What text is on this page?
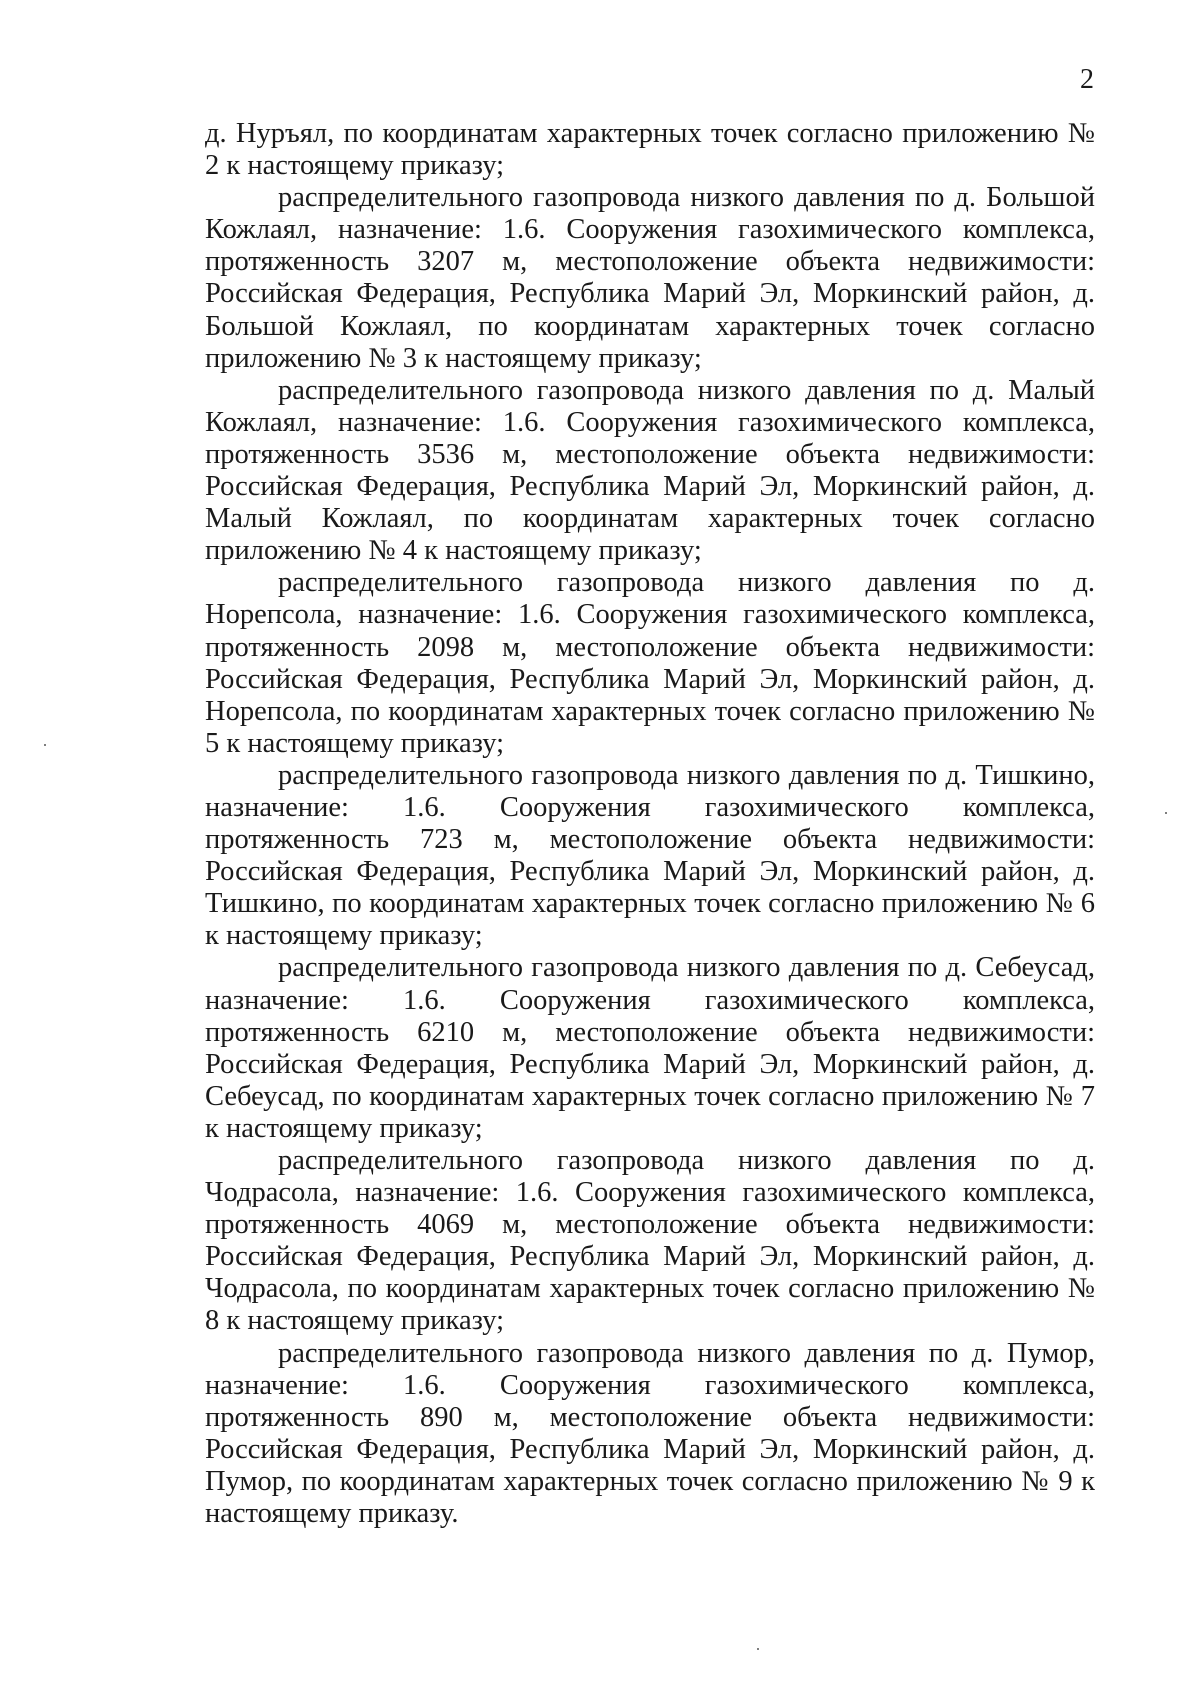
2

д. Нуръял, по координатам характерных точек согласно приложению № 2 к настоящему приказу;

распределительного газопровода низкого давления по д. Большой Кожлаял, назначение: 1.6. Сооружения газохимического комплекса, протяженность 3207 м, местоположение объекта недвижимости: Российская Федерация, Республика Марий Эл, Моркинский район, д. Большой Кожлаял, по координатам характерных точек согласно приложению № 3 к настоящему приказу;

распределительного газопровода низкого давления по д. Малый Кожлаял, назначение: 1.6. Сооружения газохимического комплекса, протяженность 3536 м, местоположение объекта недвижимости: Российская Федерация, Республика Марий Эл, Моркинский район, д. Малый Кожлаял, по координатам характерных точек согласно приложению № 4 к настоящему приказу;

распределительного газопровода низкого давления по д. Норепсола, назначение: 1.6. Сооружения газохимического комплекса, протяженность 2098 м, местоположение объекта недвижимости: Российская Федерация, Республика Марий Эл, Моркинский район, д. Норепсола, по координатам характерных точек согласно приложению № 5 к настоящему приказу;

распределительного газопровода низкого давления по д. Тишкино, назначение: 1.6. Сооружения газохимического комплекса, протяженность 723 м, местоположение объекта недвижимости: Российская Федерация, Республика Марий Эл, Моркинский район, д. Тишкино, по координатам характерных точек согласно приложению № 6 к настоящему приказу;

распределительного газопровода низкого давления по д. Себеусад, назначение: 1.6. Сооружения газохимического комплекса, протяженность 6210 м, местоположение объекта недвижимости: Российская Федерация, Республика Марий Эл, Моркинский район, д. Себеусад, по координатам характерных точек согласно приложению № 7 к настоящему приказу;

распределительного газопровода низкого давления по д. Чодрасола, назначение: 1.6. Сооружения газохимического комплекса, протяженность 4069 м, местоположение объекта недвижимости: Российская Федерация, Республика Марий Эл, Моркинский район, д. Чодрасола, по координатам характерных точек согласно приложению № 8 к настоящему приказу;

распределительного газопровода низкого давления по д. Пумор, назначение: 1.6. Сооружения газохимического комплекса, протяженность 890 м, местоположение объекта недвижимости: Российская Федерация, Республика Марий Эл, Моркинский район, д. Пумор, по координатам характерных точек согласно приложению № 9 к настоящему приказу.
